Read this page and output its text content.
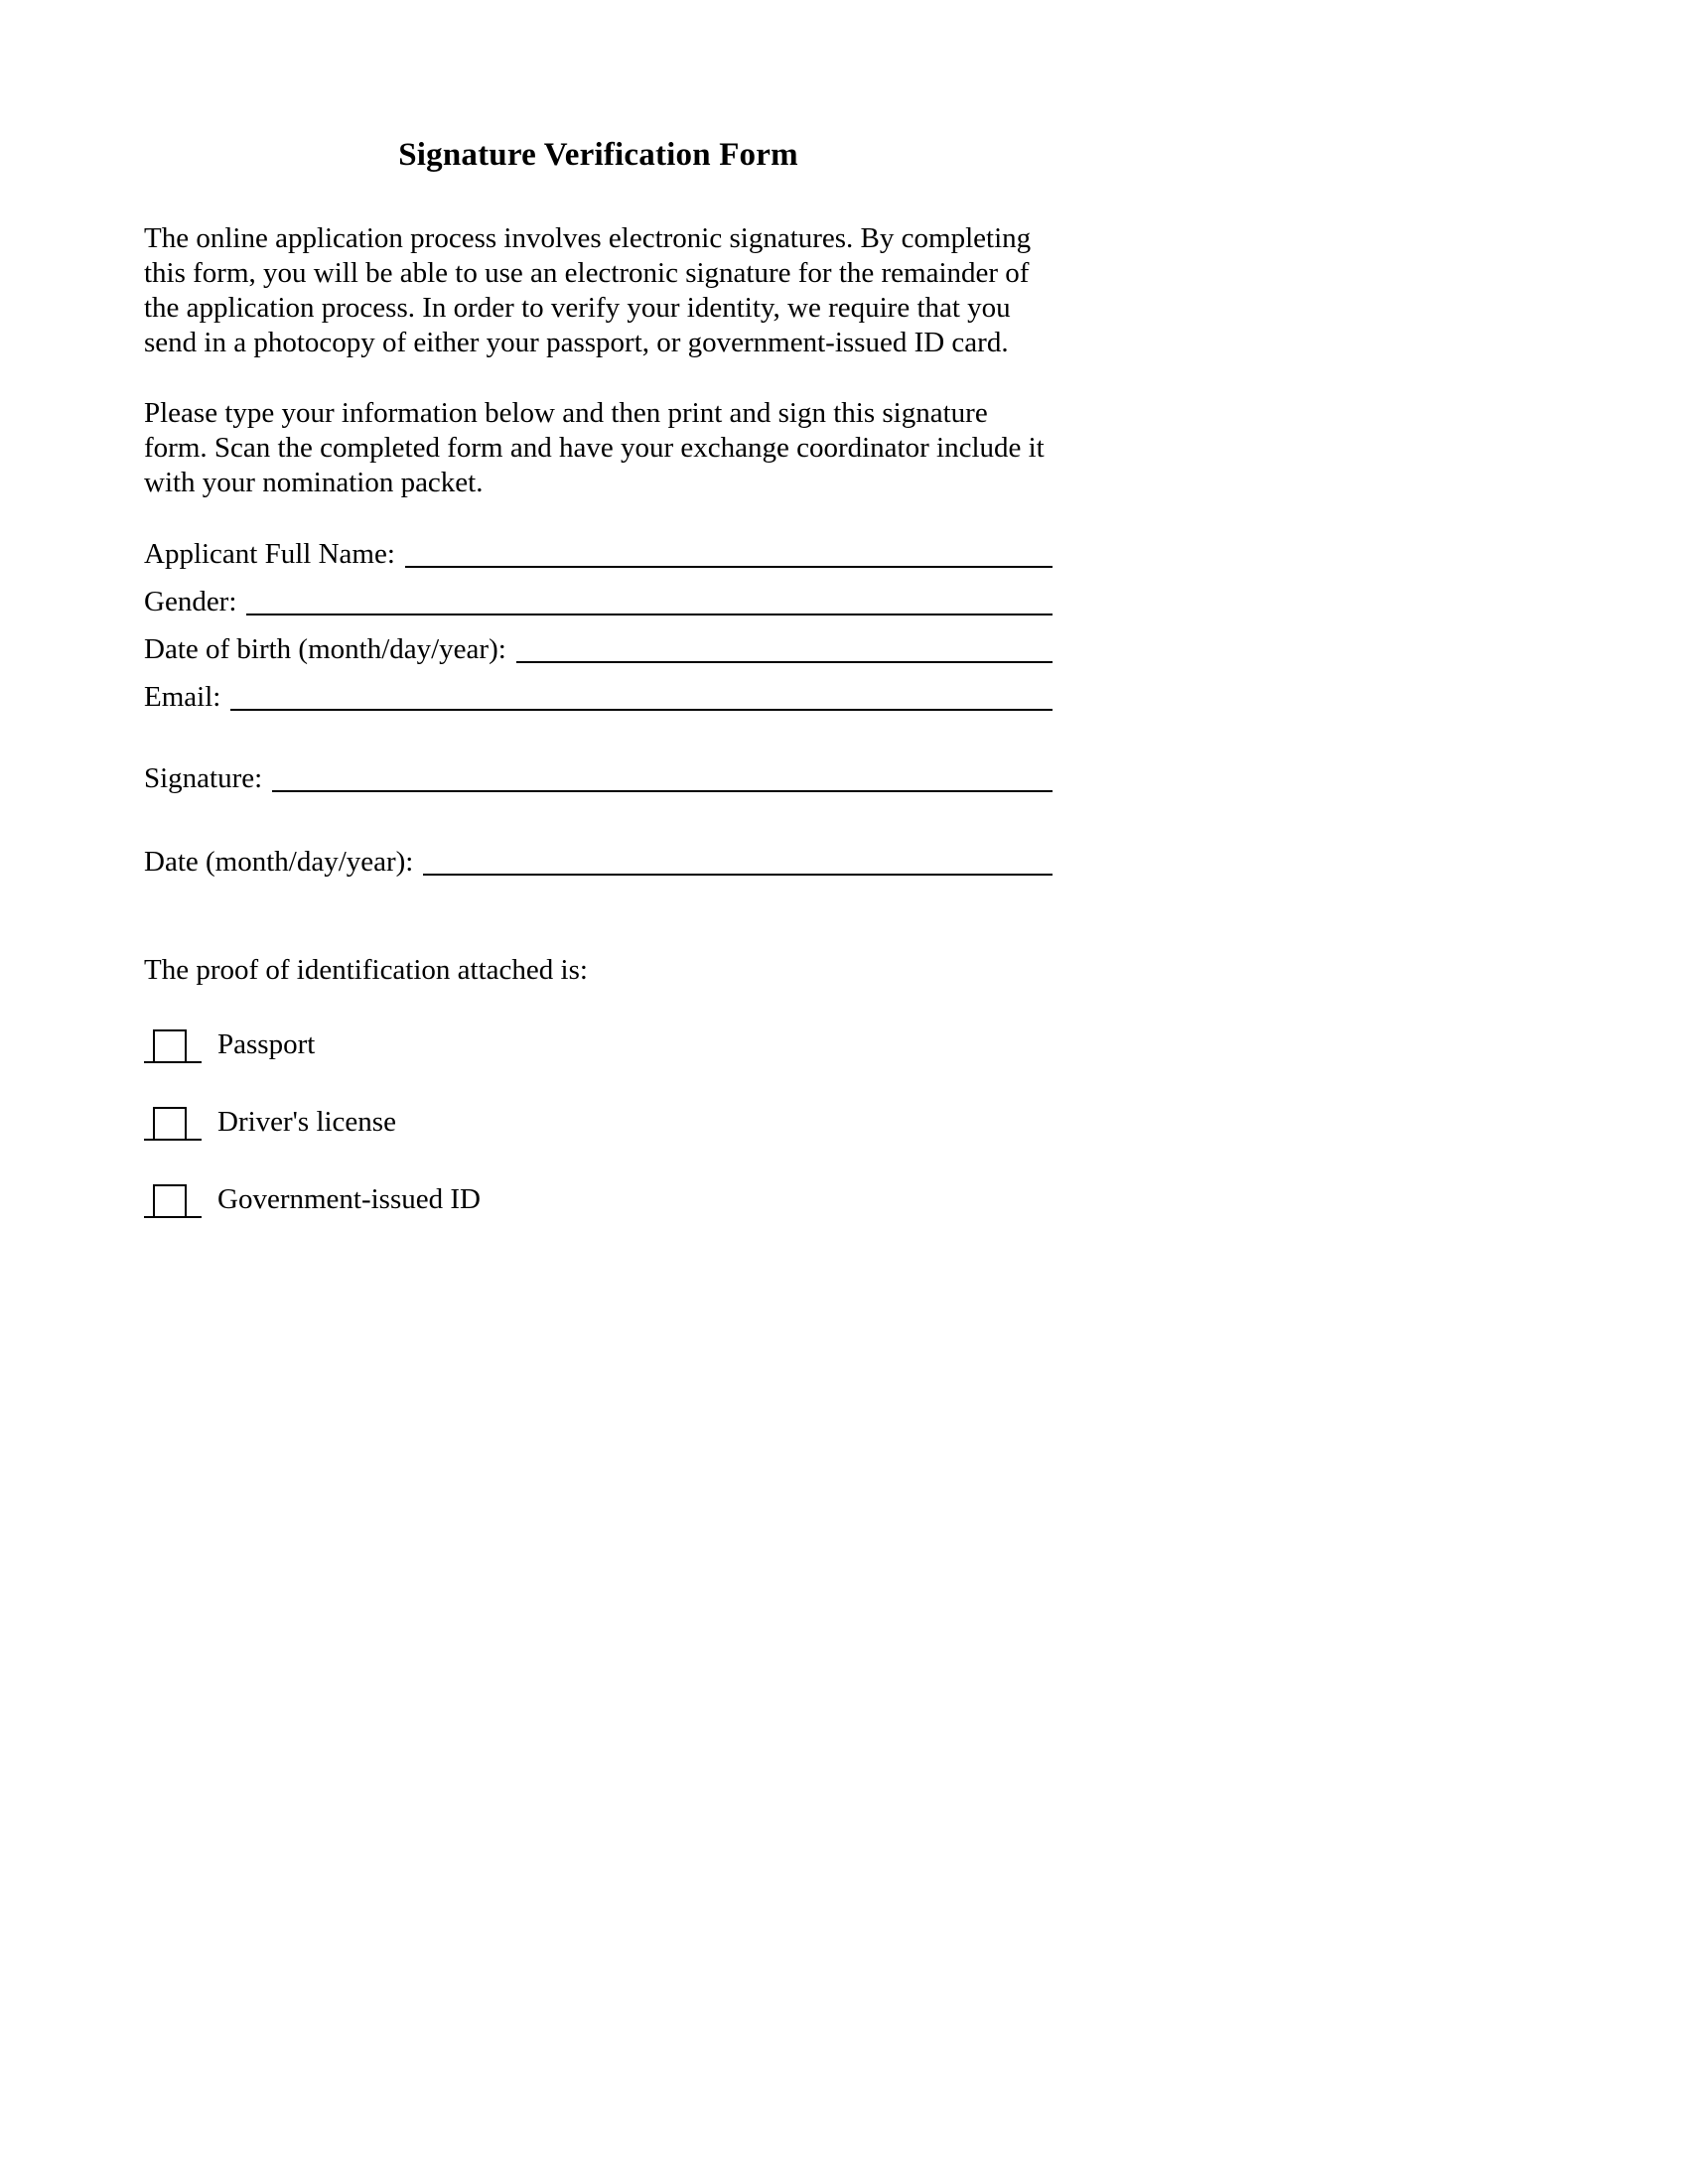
Signature Verification Form

The online application process involves electronic signatures. By completing this form, you will be able to use an electronic signature for the remainder of the application process. In order to verify your identity, we require that you send in a photocopy of either your passport, or government-issued ID card.

Please type your information below and then print and sign this signature form. Scan the completed form and have your exchange coordinator include it with your nomination packet.

Applicant Full Name:
Gender:
Date of birth (month/day/year):
Email:
Signature:
Date (month/day/year):

The proof of identification attached is:

Passport
Driver's license
Government-issued ID
